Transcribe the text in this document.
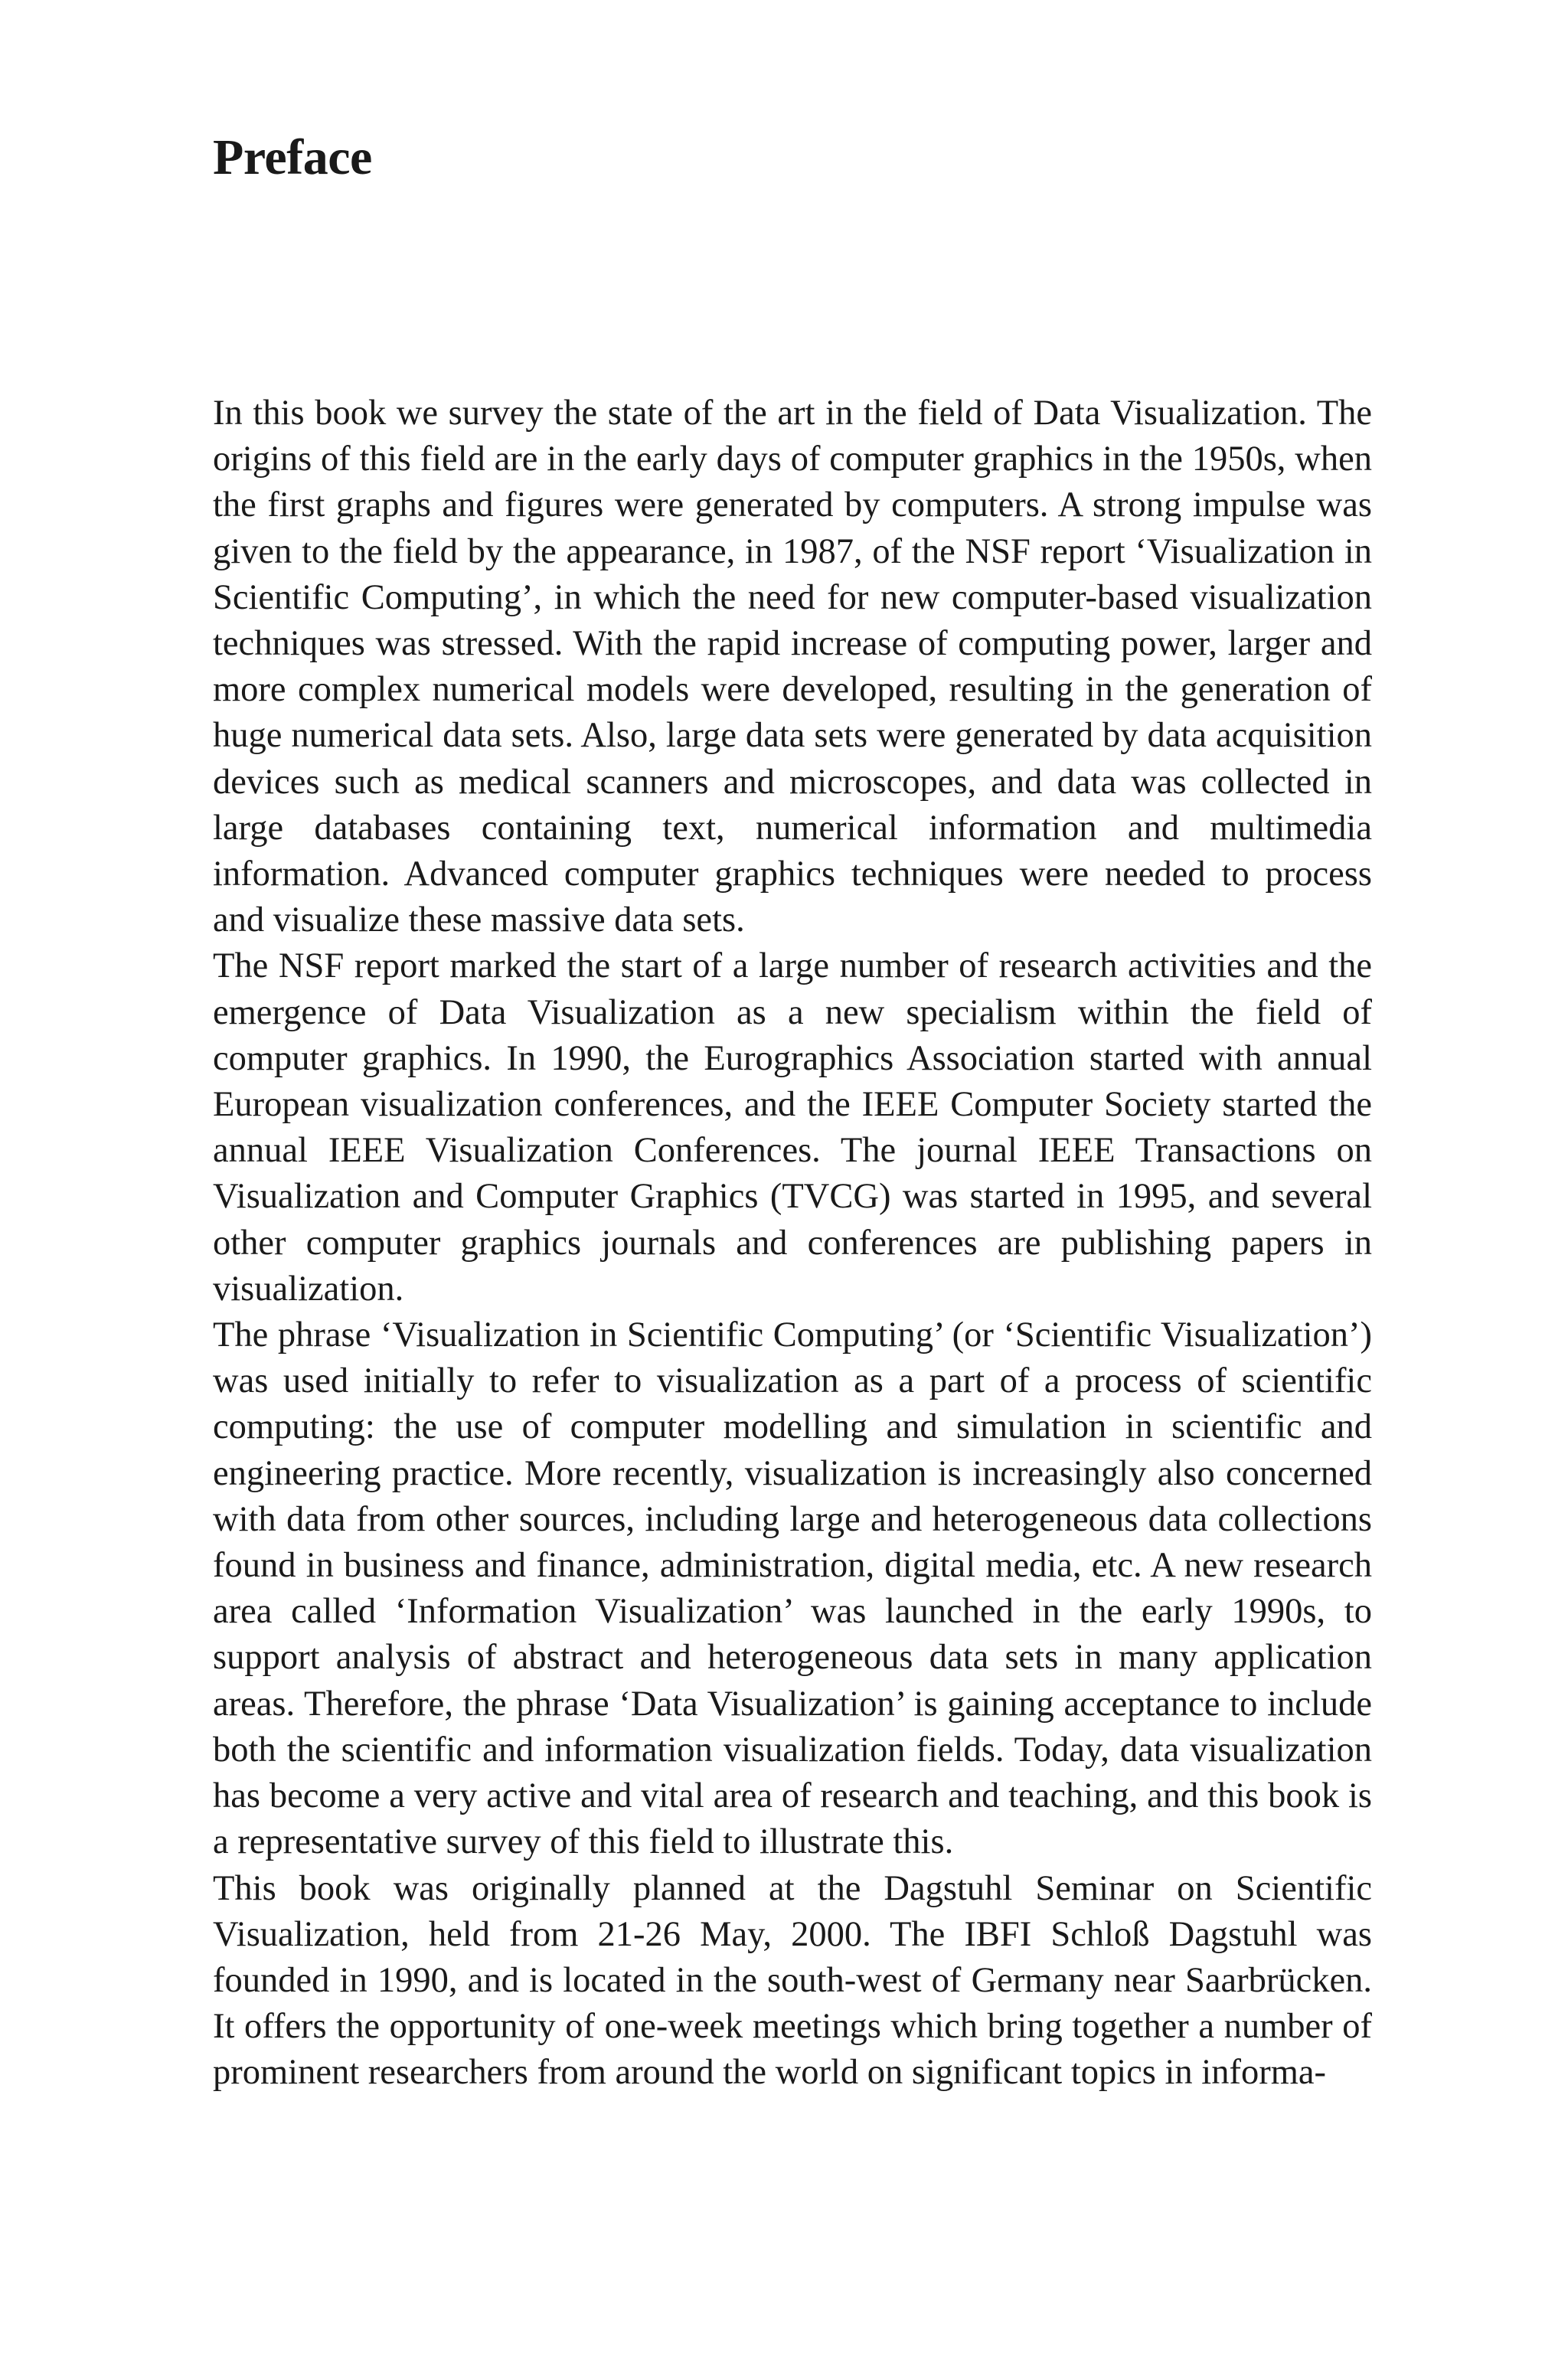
Preface

In this book we survey the state of the art in the field of Data Visualization. The origins of this field are in the early days of computer graphics in the 1950s, when the first graphs and figures were generated by computers. A strong impulse was given to the field by the appearance, in 1987, of the NSF report ‘Visualization in Scientific Computing’, in which the need for new computer-based visualization techniques was stressed. With the rapid increase of computing power, larger and more complex numerical models were developed, resulting in the generation of huge numerical data sets. Also, large data sets were generated by data acquisition devices such as medical scanners and microscopes, and data was collected in large databases containing text, numerical information and multimedia information. Advanced computer graphics techniques were needed to process and visualize these massive data sets.

The NSF report marked the start of a large number of research activities and the emergence of Data Visualization as a new specialism within the field of computer graphics. In 1990, the Eurographics Association started with annual European visualization conferences, and the IEEE Computer Society started the annual IEEE Visualization Conferences. The journal IEEE Transactions on Visualization and Computer Graphics (TVCG) was started in 1995, and several other computer graphics journals and conferences are publishing papers in visualization.

The phrase ‘Visualization in Scientific Computing’ (or ‘Scientific Visualization’) was used initially to refer to visualization as a part of a process of scientific computing: the use of computer modelling and simulation in scientific and engineering practice. More recently, visualization is increasingly also concerned with data from other sources, including large and heterogeneous data collections found in business and finance, administration, digital media, etc. A new research area called ‘Information Visualization’ was launched in the early 1990s, to support analysis of abstract and heterogeneous data sets in many application areas. Therefore, the phrase ‘Data Visualization’ is gaining acceptance to include both the scientific and information visualization fields. Today, data visualization has become a very active and vital area of research and teaching, and this book is a representative survey of this field to illustrate this.

This book was originally planned at the Dagstuhl Seminar on Scientific Visualization, held from 21-26 May, 2000. The IBFI Schloß Dagstuhl was founded in 1990, and is located in the south-west of Germany near Saarbrücken. It offers the opportunity of one-week meetings which bring together a number of prominent researchers from around the world on significant topics in informa-
